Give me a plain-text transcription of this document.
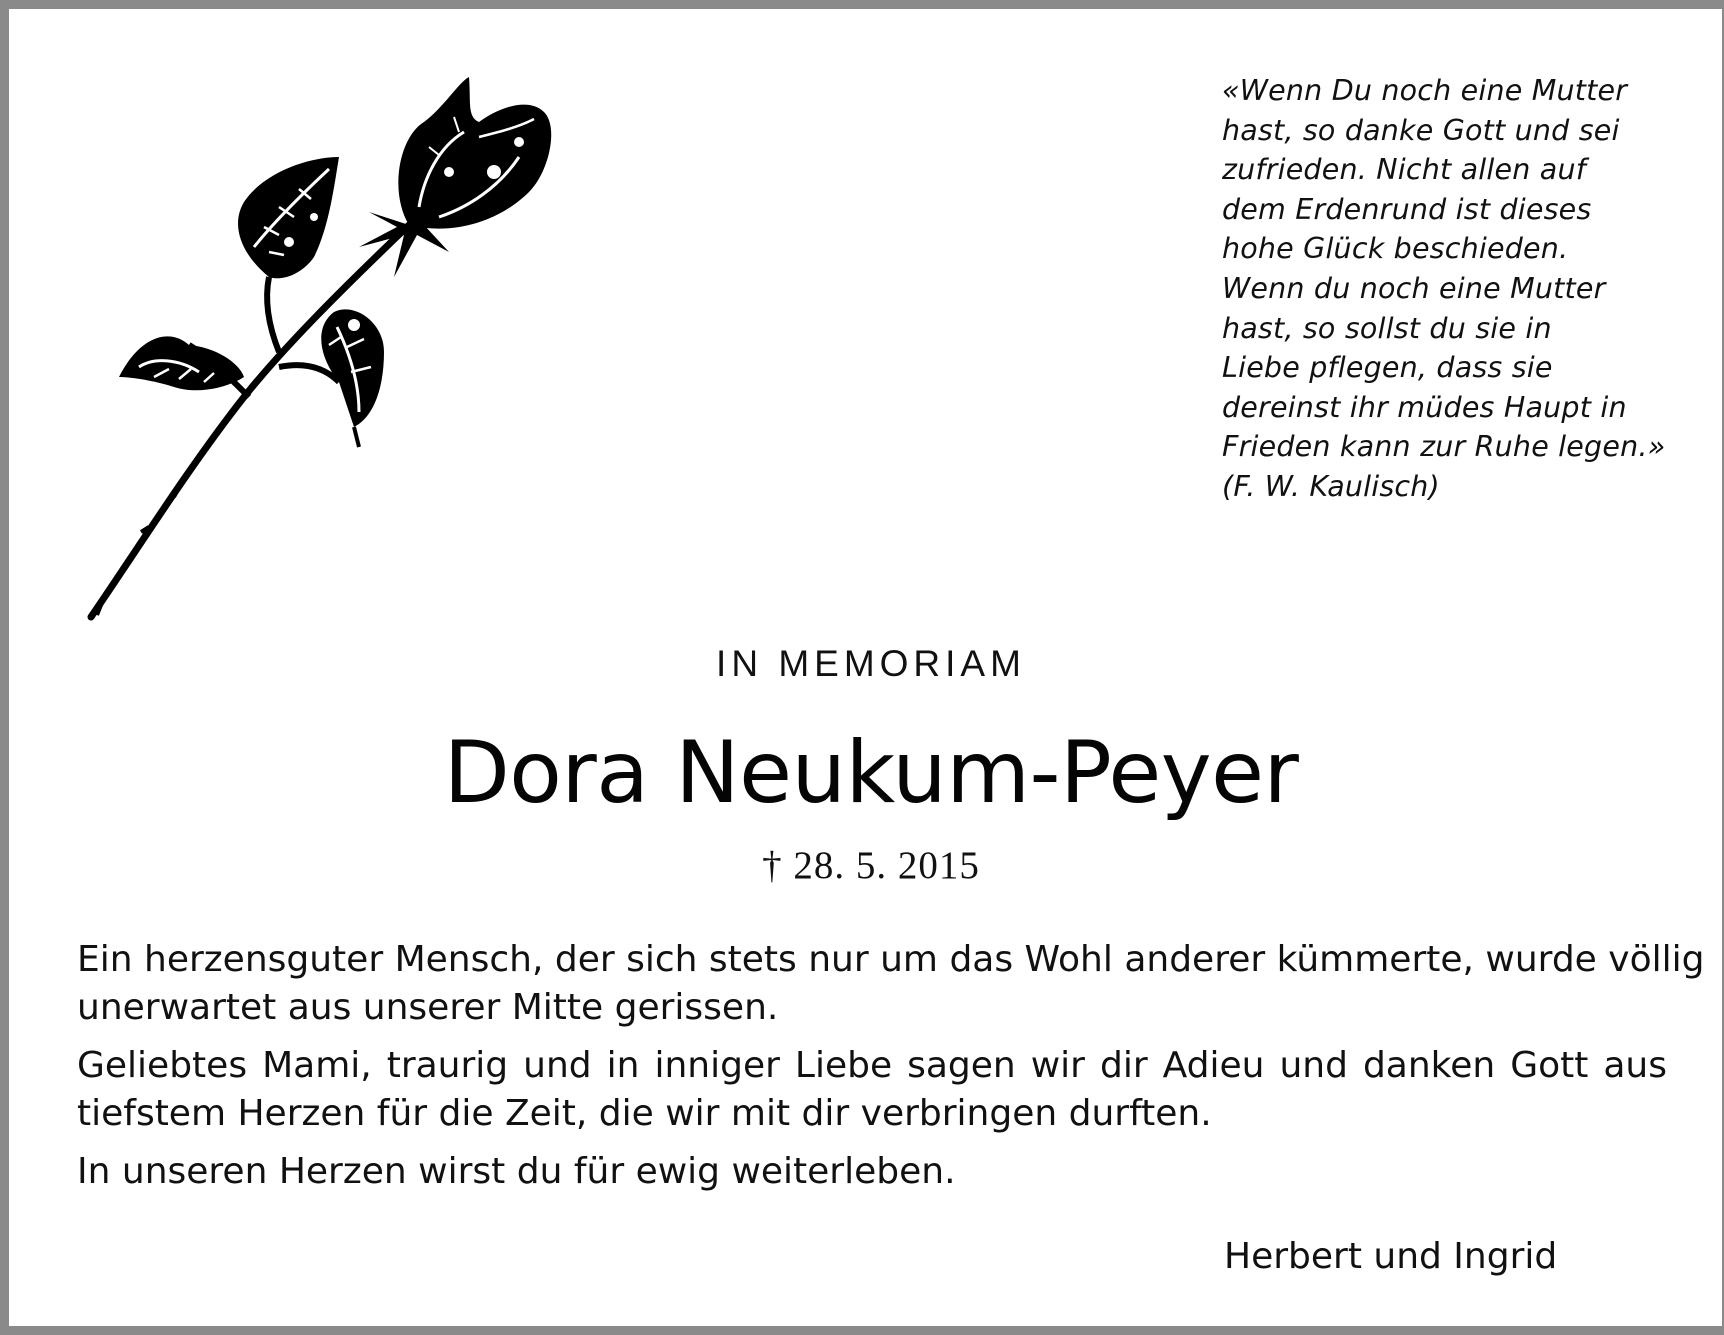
«Wenn Du noch eine Mutter
hast, so danke Gott und sei
zufrieden. Nicht allen auf
dem Erdenrund ist dieses
hohe Glück beschieden.
Wenn du noch eine Mutter
hast, so sollst du sie in
Liebe pflegen, dass sie
dereinst ihr müdes Haupt in
Frieden kann zur Ruhe legen.»
(F. W. Kaulisch)
IN MEMORIAM
Dora Neukum-Peyer
† 28. 5. 2015
Ein herzensguter Mensch, der sich stets nur um das Wohl anderer kümmerte, wurde völlig
unerwartet aus unserer Mitte gerissen.
Geliebtes Mami, traurig und in inniger Liebe sagen wir dir Adieu und danken Gott aus
tiefstem Herzen für die Zeit, die wir mit dir verbringen durften.
In unseren Herzen wirst du für ewig weiterleben.
Herbert und Ingrid
